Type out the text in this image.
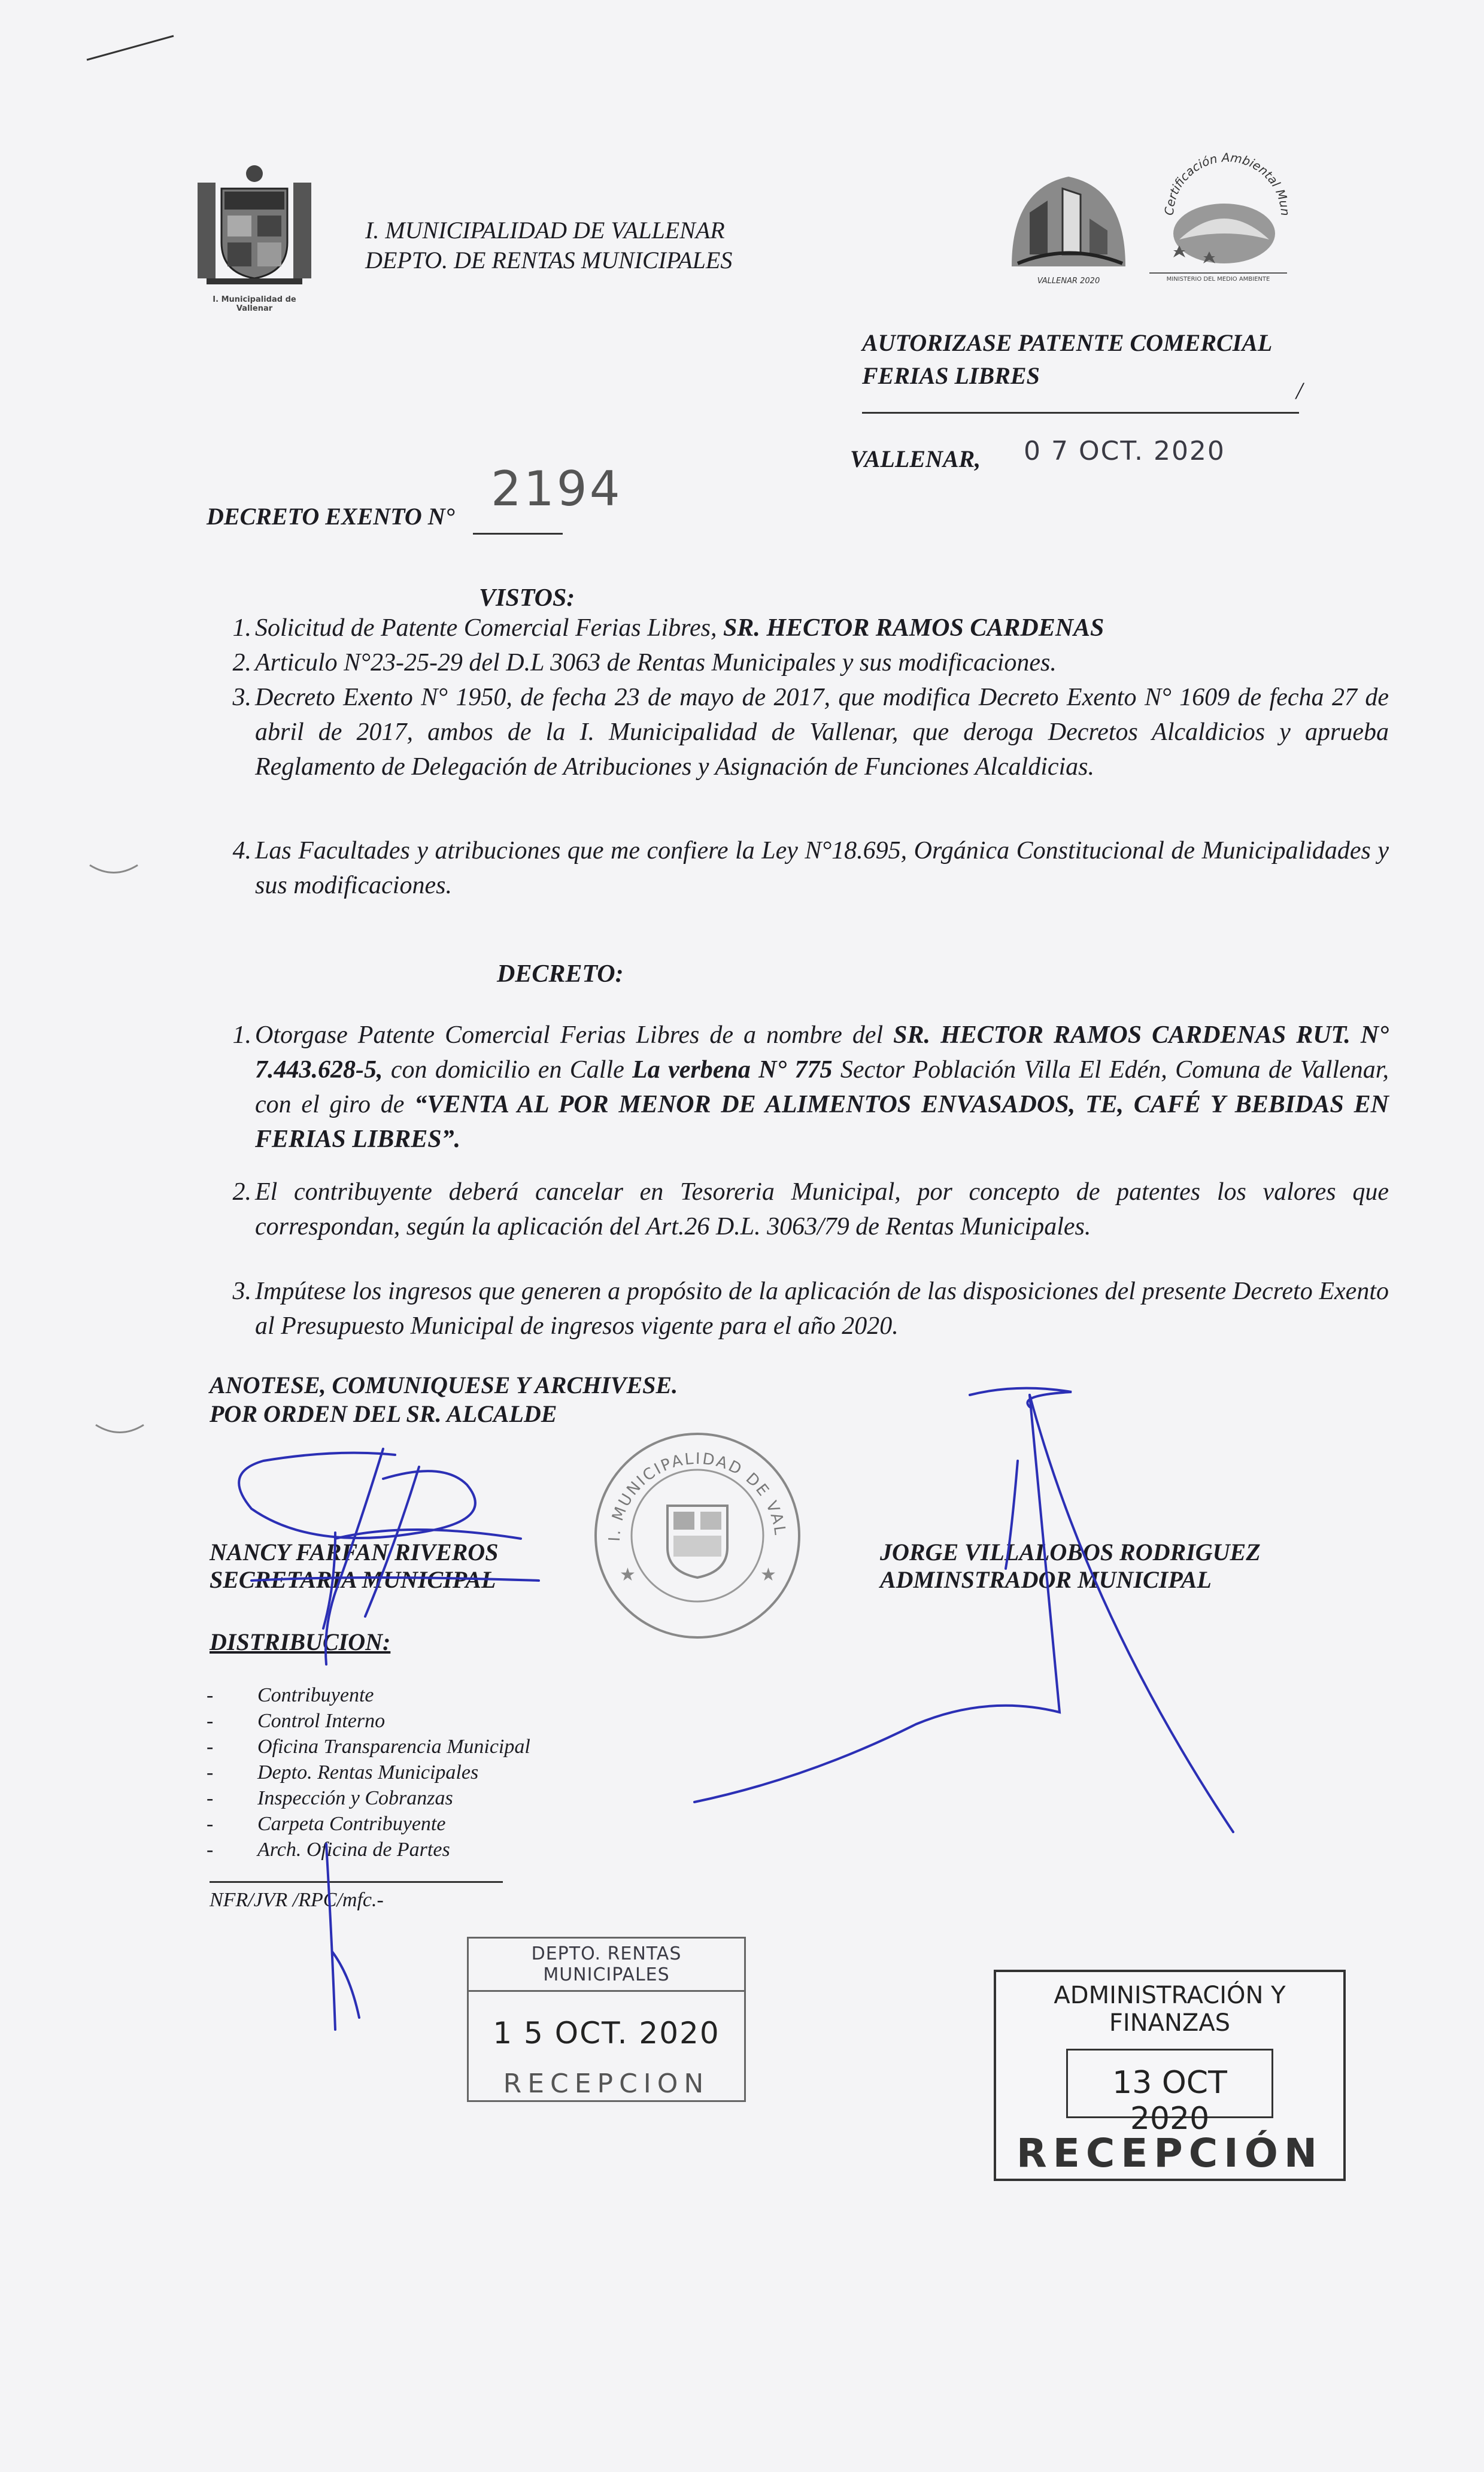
I. Municipalidad de Vallenar
I. MUNICIPALIDAD DE VALLENAR
DEPTO. DE RENTAS MUNICIPALES
VALLENAR 2020
Certificación Ambiental Mun
MINISTERIO DEL MEDIO AMBIENTE
AUTORIZASE PATENTE COMERCIAL
FERIAS LIBRES
/
VALLENAR, 0 7 OCT. 2020
DECRETO EXENTO N° 2194
VISTOS:
1. Solicitud de Patente Comercial Ferias Libres, SR. HECTOR RAMOS CARDENAS
2. Articulo N°23-25-29 del D.L 3063 de Rentas Municipales y sus modificaciones.
3. Decreto Exento N° 1950, de fecha 23 de mayo de 2017, que modifica Decreto Exento N° 1609 de fecha 27 de abril de 2017, ambos de la I. Municipalidad de Vallenar, que deroga Decretos Alcaldicios y aprueba Reglamento de Delegación de Atribuciones y Asignación de Funciones Alcaldicias.
4. Las Facultades y atribuciones que me confiere la Ley N°18.695, Orgánica Constitucional de Municipalidades y sus modificaciones.
DECRETO:
1. Otorgase Patente Comercial Ferias Libres de a nombre del SR. HECTOR RAMOS CARDENAS RUT. N° 7.443.628-5, con domicilio en Calle La verbena N° 775 Sector Población Villa El Edén, Comuna de Vallenar, con el giro de “VENTA AL POR MENOR DE ALIMENTOS ENVASADOS, TE, CAFÉ Y BEBIDAS EN FERIAS LIBRES”.
2. El contribuyente deberá cancelar en Tesoreria Municipal, por concepto de patentes los valores que correspondan, según la aplicación del Art.26 D.L. 3063/79 de Rentas Municipales.
3. Impútese los ingresos que generen a propósito de la aplicación de las disposiciones del presente Decreto Exento al Presupuesto Municipal de ingresos vigente para el año 2020.
ANOTESE, COMUNIQUESE Y ARCHIVESE.
POR ORDEN DEL SR. ALCALDE
I. MUNICIPALIDAD DE VAL
★	★
NANCY FARFAN RIVEROS
SECRETARIA MUNICIPAL
JORGE VILLALOBOS RODRIGUEZ
ADMINSTRADOR MUNICIPAL
DISTRIBUCION:
- Contribuyente
- Control Interno
- Oficina Transparencia Municipal
- Depto. Rentas Municipales
- Inspección y Cobranzas
- Carpeta Contribuyente
- Arch. Oficina de Partes
NFR/JVR /RPC/mfc.-
DEPTO. RENTAS MUNICIPALES
1 5 OCT. 2020
RECEPCION
ADMINISTRACIÓN Y FINANZAS
13 OCT 2020
RECEPCIÓN
